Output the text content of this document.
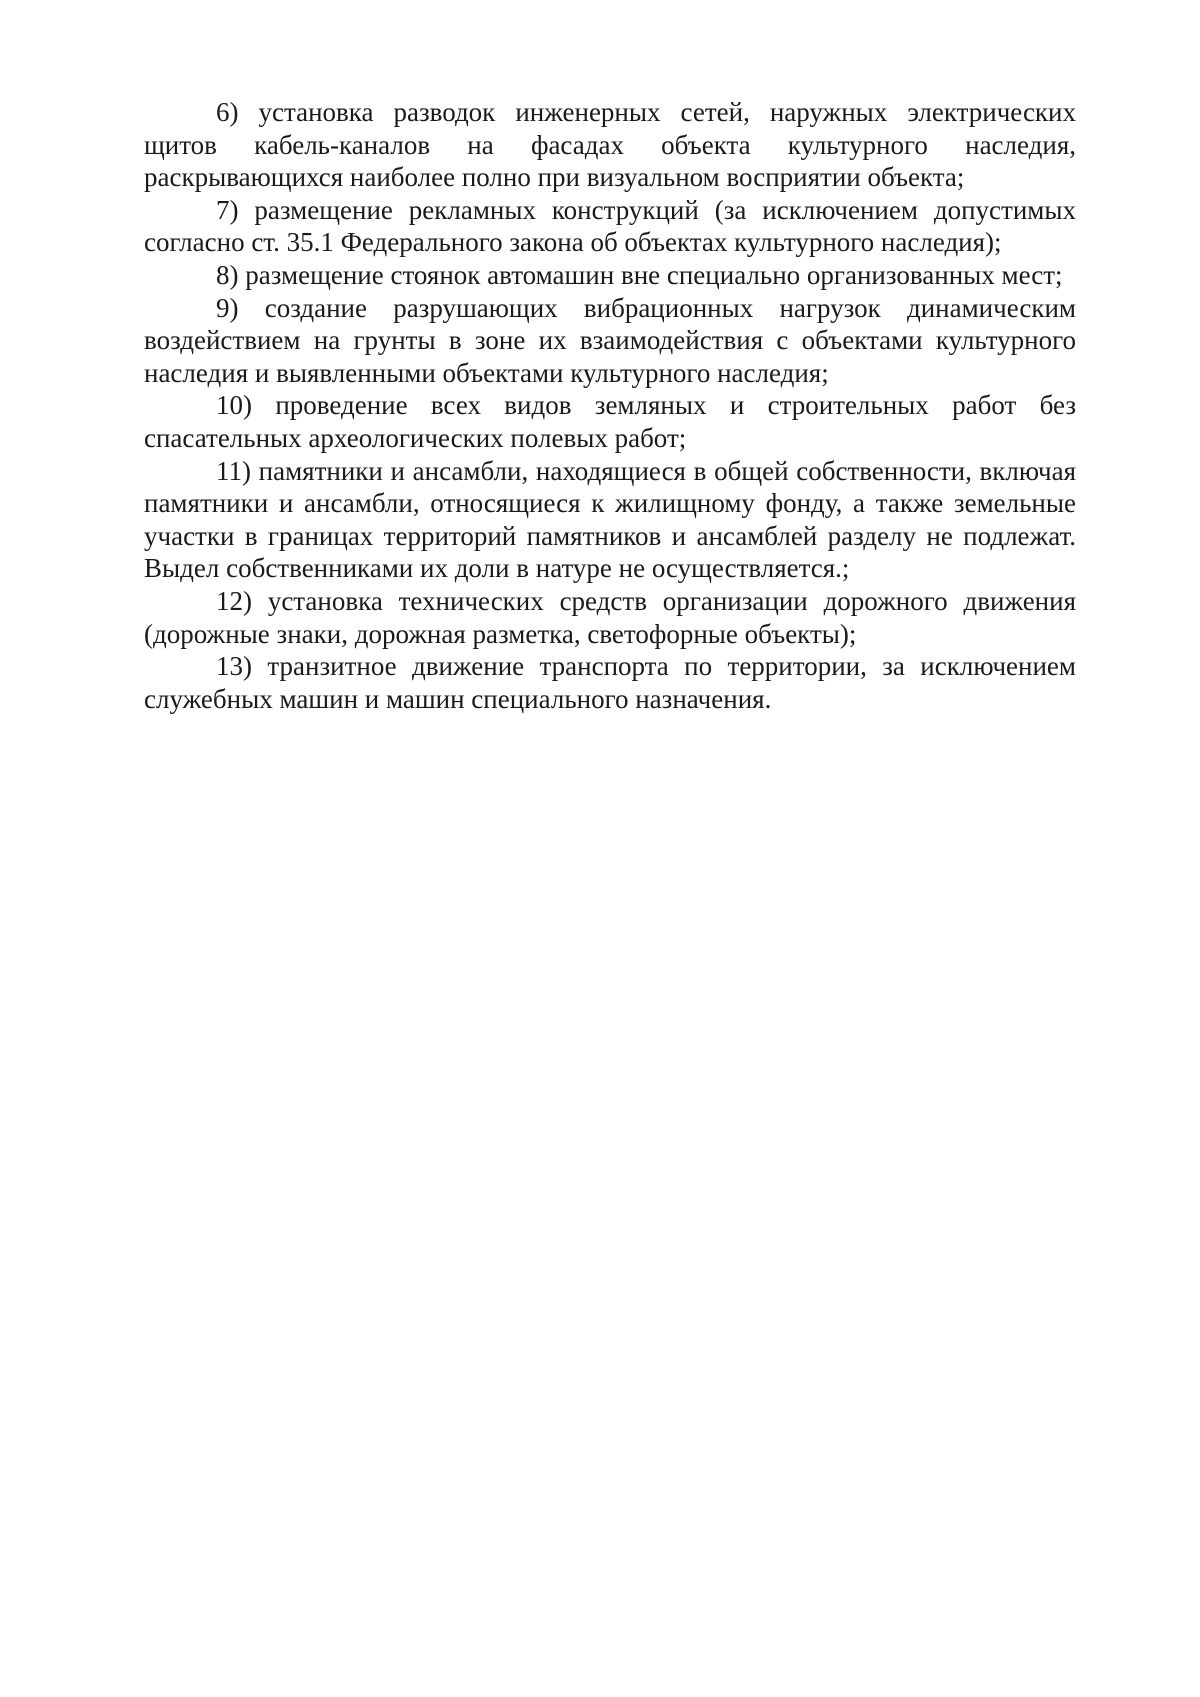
6) установка разводок инженерных сетей, наружных электрических щитов кабель-каналов на фасадах объекта культурного наследия, раскрывающихся наиболее полно при визуальном восприятии объекта;

7) размещение рекламных конструкций (за исключением допустимых согласно ст. 35.1 Федерального закона об объектах культурного наследия);

8) размещение стоянок автомашин вне специально организованных мест;

9) создание разрушающих вибрационных нагрузок динамическим воздействием на грунты в зоне их взаимодействия с объектами культурного наследия и выявленными объектами культурного наследия;

10) проведение всех видов земляных и строительных работ без спасательных археологических полевых работ;

11) памятники и ансамбли, находящиеся в общей собственности, включая памятники и ансамбли, относящиеся к жилищному фонду, а также земельные участки в границах территорий памятников и ансамблей разделу не подлежат. Выдел собственниками их доли в натуре не осуществляется.;

12) установка технических средств организации дорожного движения (дорожные знаки, дорожная разметка, светофорные объекты);

13) транзитное движение транспорта по территории, за исключением служебных машин и машин специального назначения.
